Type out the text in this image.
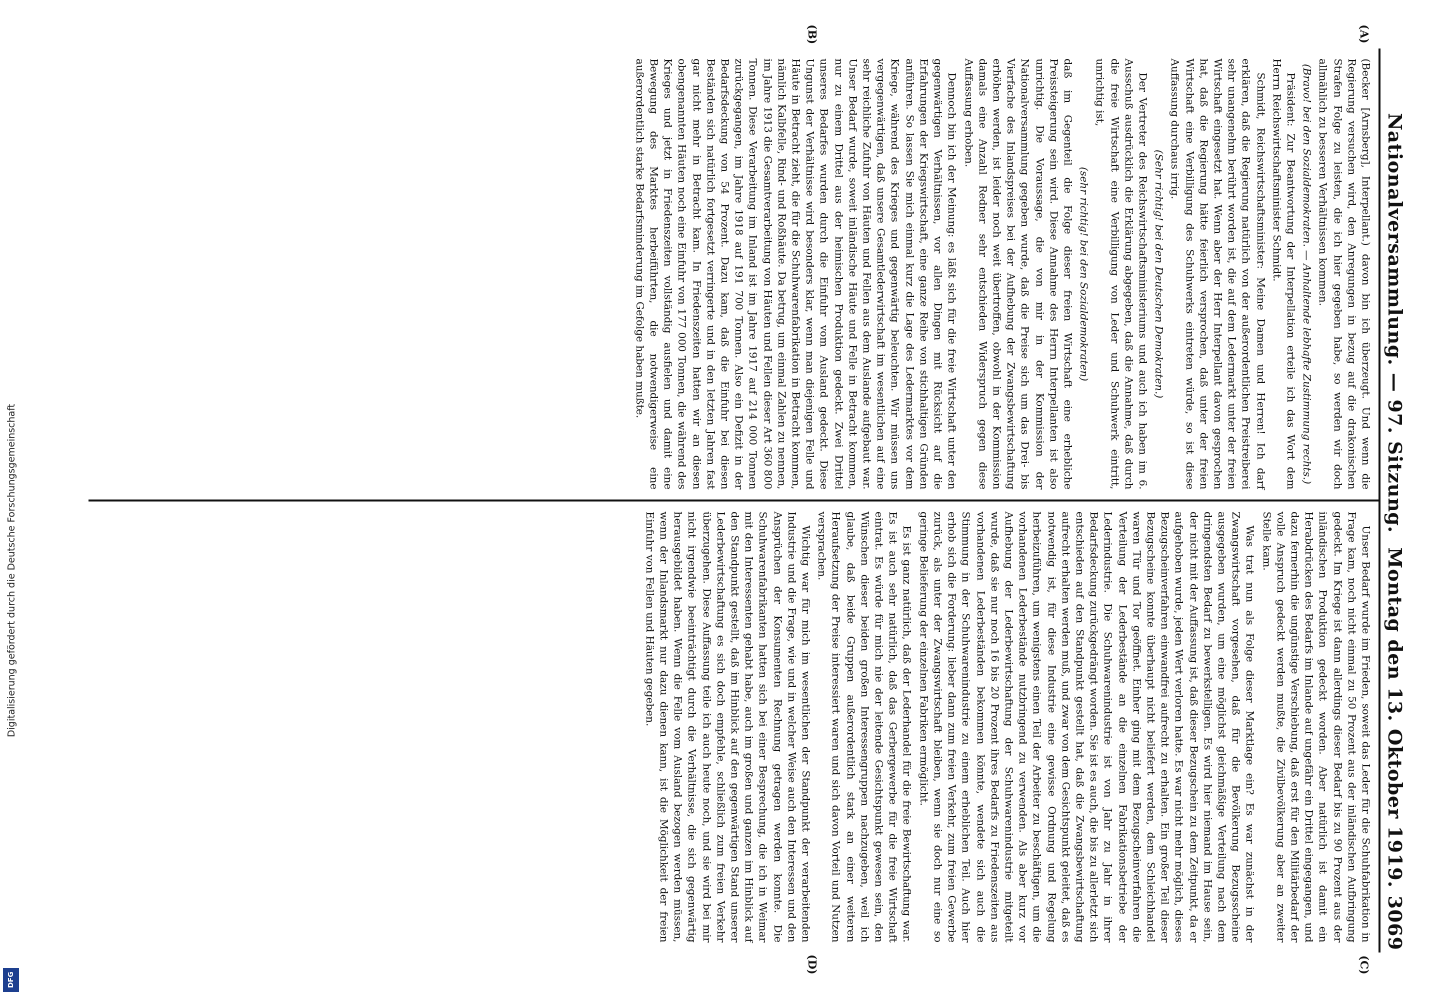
Nationalversammlung. — 97. Sitzung.  Montag den 13. Oktober 1919.
3069
(A)
(B)

(Becker [Arnsberg], Interpellant.) davon bin ich überzeugt. Und wenn die Regierung versuchen wird, den Anregungen in bezug auf die drakonischen Strafen Folge zu leisten, die ich hier gegeben habe, so werden wir doch allmählich zu besseren Verhältnissen kommen.

(Bravo! bei den Sozialdemokraten. — Anhaltende lebhafte Zustimmung rechts.)

Präsident: Zur Beantwortung der Interpellation erteile ich das Wort dem Herrn Reichswirtschaftsminister Schmidt.

Schmidt, Reichswirtschaftsminister: Meine Damen und Herren! Ich darf erklären, daß die Regierung natürlich von der außerordentlichen Preistreiberei sehr unangenehm berührt worden ist, die auf dem Ledermarkt unter der freien Wirtschaft eingesetzt hat. Wenn aber der Herr Interpellant davon gesprochen hat, daß die Regierung hätte feierlich versprochen, daß unter der freien Wirtschaft eine Verbilligung des Schuhwerks eintreten würde, so ist diese Auffassung durchaus irrig.

(Sehr richtig! bei den Deutschen Demokraten.)

Der Vertreter des Reichswirtschaftsministeriums und auch ich haben im 6. Ausschuß ausdrücklich die Erklärung abgegeben, daß die Annahme, daß durch die freie Wirtschaft eine Verbilligung von Leder und Schuhwerk eintritt, unrichtig ist,

(sehr richtig! bei den Sozialdemokraten)

daß im Gegenteil die Folge dieser freien Wirtschaft eine erhebliche Preissteigerung sein wird. Diese Annahme des Herrn Interpellanten ist also unrichtig. Die Voraussage, die von mir in der Kommission der Nationalversammlung gegeben wurde, daß die Preise sich um das Drei- bis Vierfache des Inlandspreises bei der Aufhebung der Zwangsbewirtschaftung erhöhen werden, ist leider noch weit übertroffen, obwohl in der Kommission damals eine Anzahl Redner sehr entschieden Widerspruch gegen diese Auffassung erhoben.

Dennoch bin ich der Meinung: es läßt sich für die freie Wirtschaft unter den gegenwärtigen Verhältnissen, vor allen Dingen mit Rücksicht auf die Erfahrungen der Kriegswirtschaft, eine ganze Reihe von stichhaltigen Gründen anführen. So lassen Sie mich einmal kurz die Lage des Ledermarktes vor dem Kriege, während des Krieges und gegenwärtig beleuchten. Wir müssen uns vergegenwärtigen, daß unsere Gesamtlederwirtschaft im wesentlichen auf eine sehr reichliche Zufuhr von Häuten und Fellen aus dem Auslande aufgebaut war. Unser Bedarf wurde, soweit inländische Häute und Felle in Betracht kommen, nur zu einem Drittel aus der heimischen Produktion gedeckt. Zwei Drittel unseres Bedarfes wurden durch die Einfuhr vom Ausland gedeckt. Diese Ungunst der Verhältnisse wird besonders klar, wenn man diejenigen Felle und Häute in Betracht zieht, die für die Schuhwarenfabrikation in Betracht kommen, nämlich Kalbfelle, Rind- und Roßhäute. Da betrug, um einmal Zahlen zu nennen, im Jahre 1913 die Gesamtverarbeitung von Häuten und Fellen dieser Art 360 800 Tonnen. Diese Verarbeitung im Inland ist im Jahre 1917 auf 214 000 Tonnen zurückgegangen, im Jahre 1918 auf 191 700 Tonnen. Also ein Defizit in der Bedarfsdeckung von 54 Prozent. Dazu kam, daß die Einfuhr bei diesen Beständen sich natürlich fortgesetzt verringerte und in den letzten Jahren fast gar nicht mehr in Betracht kam. In Friedenszeiten hatten wir an diesen obengenannten Häuten noch eine Einfuhr von 177 000 Tonnen, die während des Krieges und jetzt in Friedenszeiten vollständig ausfielen und damit eine Bewegung des Marktes herbeiführten, die notwendigerweise eine außerordentlich starke Bedarfsminderung im Gefolge haben mußte.

(C)
(D)

Unser Bedarf wurde im Frieden, soweit das Leder für die Schuhfabrikation in Frage kam, noch nicht einmal zu 50 Prozent aus der inländischen Aufbringung gedeckt. Im Kriege ist dann allerdings dieser Bedarf bis zu 90 Prozent aus der inländischen Produktion gedeckt worden. Aber natürlich ist damit ein Herabdrücken des Bedarfs im Inlande auf ungefähr ein Drittel eingegangen, und dazu fernerhin die ungünstige Verschiebung, daß erst für den Militärbedarf der volle Anspruch gedeckt werden mußte, die Zivilbevölkerung aber an zweiter Stelle kam.

Was trat nun als Folge dieser Marktlage ein? Es war zunächst in der Zwangswirtschaft vorgesehen, daß für die Bevölkerung Bezugsscheine ausgegeben wurden, um eine möglichst gleichmäßige Verteilung nach dem dringendsten Bedarf zu bewerkstelligen. Es wird hier niemand im Hause sein, der nicht mit der Auffassung ist, daß dieser Bezugschein zu dem Zeitpunkt, da er aufgehoben wurde, jeden Wert verloren hatte. Es war nicht mehr möglich, dieses Bezugscheinverfahren einwandfrei aufrecht zu erhalten. Ein großer Teil dieser Bezugscheine konnte überhaupt nicht beliefert werden, dem Schleichhandel waren Tür und Tor geöffnet. Einher ging mit dem Bezugscheinverfahren die Verteilung der Lederbestände an die einzelnen Fabrikationsbetriebe der Lederindustrie. Die Schuhwarenindustrie ist von Jahr zu Jahr in ihrer Bedarfsdeckung zurückgedrängt worden. Sie ist es auch, die bis zu allerletzt sich entschieden auf den Standpunkt gestellt hat, daß die Zwangsbewirtschaftung aufrecht erhalten werden muß, und zwar von dem Gesichtspunkt geleitet, daß es notwendig ist, für diese Industrie eine gewisse Ordnung und Regelung herbeizuführen, um wenigstens einen Teil der Arbeiter zu beschäftigen, um die vorhandenen Lederbestände nutzbringend zu verwenden. Als aber kurz vor Aufhebung der Lederbewirtschaftung der Schuhwarenindustrie mitgeteilt wurde, daß sie nur noch 16 bis 20 Prozent ihres Bedarfs zu Friedenszeiten aus vorhandenen Lederbeständen bekommen könnte, wendete sich auch die Stimmung in der Schuhwarenindustrie zu einem erheblichen Teil. Auch hier erhob sich die Forderung: lieber dann zum freien Verkehr, zum freien Gewerbe zurück, als unter der Zwangswirtschaft bleiben, wenn sie doch nur eine so geringe Belieferung der einzelnen Fabriken ermöglicht.

Es ist ganz natürlich, daß der Lederhandel für die freie Bewirtschaftung war. Es ist auch sehr natürlich, daß das Gerbergewerbe für die freie Wirtschaft eintrat. Es würde für mich nie der leitende Gesichtspunkt gewesen sein, den Wünschen dieser beiden großen Interessengruppen nachzugeben, weil ich glaube, daß beide Gruppen außerordentlich stark an einer weiteren Heraufsetzung der Preise interessiert waren und sich davon Vorteil und Nutzen versprachen.

Wichtig war für mich im wesentlichen der Standpunkt der verarbeitenden Industrie und die Frage, wie und in welcher Weise auch den Interessen und den Ansprüchen der Konsumenten Rechnung getragen werden konnte. Die Schuhwarenfabrikanten hatten sich bei einer Besprechung, die ich in Weimar mit den Interessenten gehabt habe, auch im großen und ganzen im Hinblick auf den Standpunkt gestellt, daß im Hinblick auf den gegenwärtigen Stand unserer Lederbewirtschaftung es sich doch empfehle, schließlich zum freien Verkehr überzugehen. Diese Auffassung teile ich auch heute noch, und sie wird bei mir nicht irgendwie beeinträchtigt durch die Verhältnisse, die sich gegenwärtig herausgebildet haben. Wenn die Felle vom Ausland bezogen werden müssen, wenn der Inlandsmarkt nur dazu dienen kann, ist die Möglichkeit der freien Einfuhr von Fellen und Häuten gegeben.

Digitalisierung gefördert durch die Deutsche Forschungsgemeinschaft
DFG
